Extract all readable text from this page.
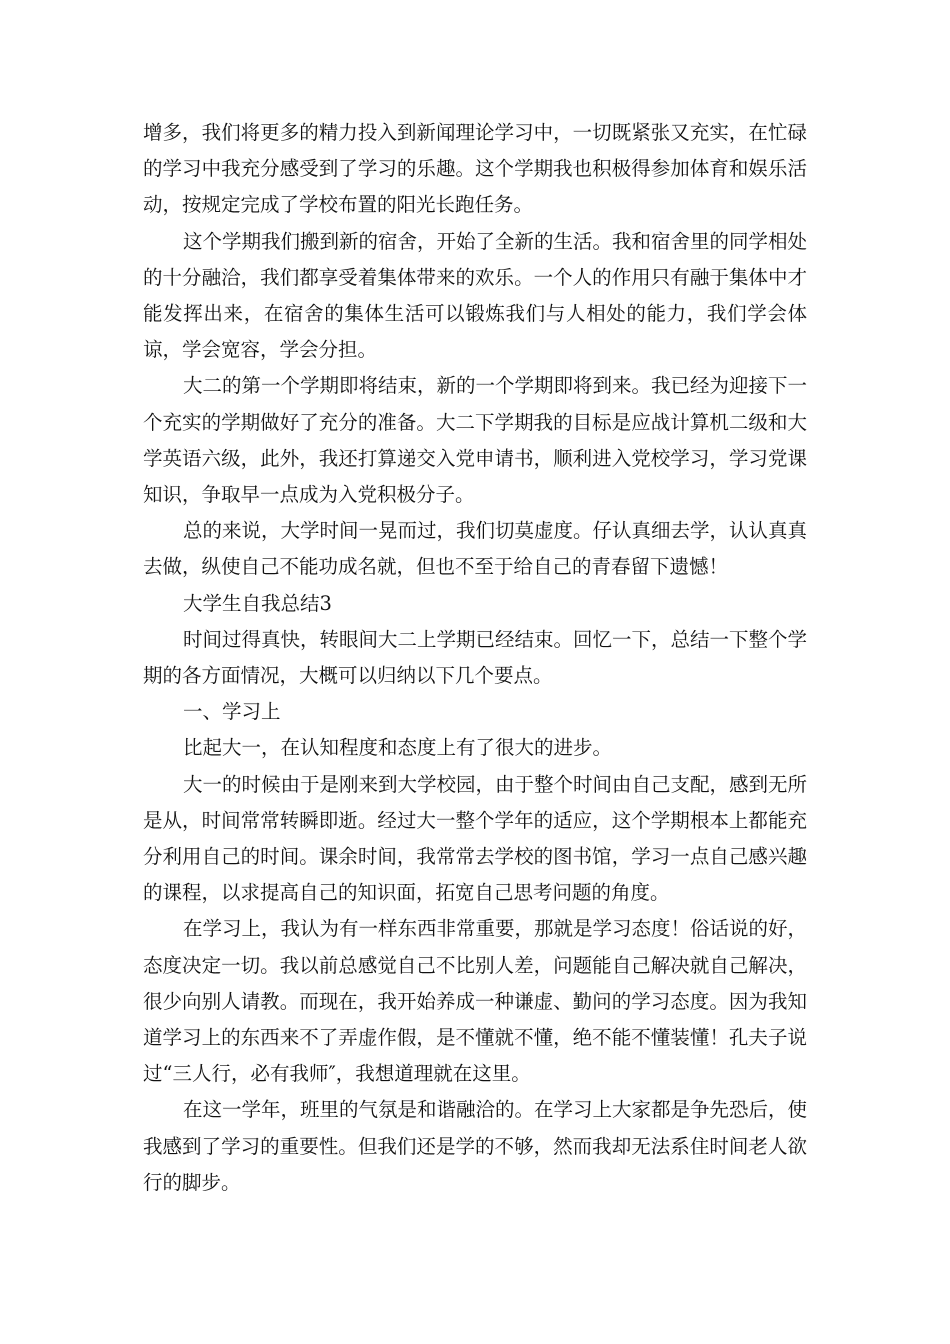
增多，我们将更多的精力投入到新闻理论学习中，一切既紧张又充实，在忙碌的学习中我充分感受到了学习的乐趣。这个学期我也积极得参加体育和娱乐活动，按规定完成了学校布置的阳光长跑任务。

这个学期我们搬到新的宿舍，开始了全新的生活。我和宿舍里的同学相处的十分融洽，我们都享受着集体带来的欢乐。一个人的作用只有融于集体中才能发挥出来，在宿舍的集体生活可以锻炼我们与人相处的能力，我们学会体谅，学会宽容，学会分担。

大二的第一个学期即将结束，新的一个学期即将到来。我已经为迎接下一个充实的学期做好了充分的准备。大二下学期我的目标是应战计算机二级和大学英语六级，此外，我还打算递交入党申请书，顺利进入党校学习，学习党课知识，争取早一点成为入党积极分子。

总的来说，大学时间一晃而过，我们切莫虚度。仔认真细去学，认认真真去做，纵使自己不能功成名就，但也不至于给自己的青春留下遗憾！

大学生自我总结3

时间过得真快，转眼间大二上学期已经结束。回忆一下，总结一下整个学期的各方面情况，大概可以归纳以下几个要点。

一、学习上

比起大一，在认知程度和态度上有了很大的进步。

大一的时候由于是刚来到大学校园，由于整个时间由自己支配，感到无所是从，时间常常转瞬即逝。经过大一整个学年的适应，这个学期根本上都能充分利用自己的时间。课余时间，我常常去学校的图书馆，学习一点自己感兴趣的课程，以求提高自己的知识面，拓宽自己思考问题的角度。

在学习上，我认为有一样东西非常重要，那就是学习态度！俗话说的好，态度决定一切。我以前总感觉自己不比别人差，问题能自己解决就自己解决，很少向别人请教。而现在，我开始养成一种谦虚、勤问的学习态度。因为我知道学习上的东西来不了弄虚作假，是不懂就不懂，绝不能不懂装懂！孔夫子说过“三人行，必有我师″，我想道理就在这里。

在这一学年，班里的气氛是和谐融洽的。在学习上大家都是争先恐后，使我感到了学习的重要性。但我们还是学的不够，然而我却无法系住时间老人欲行的脚步。
